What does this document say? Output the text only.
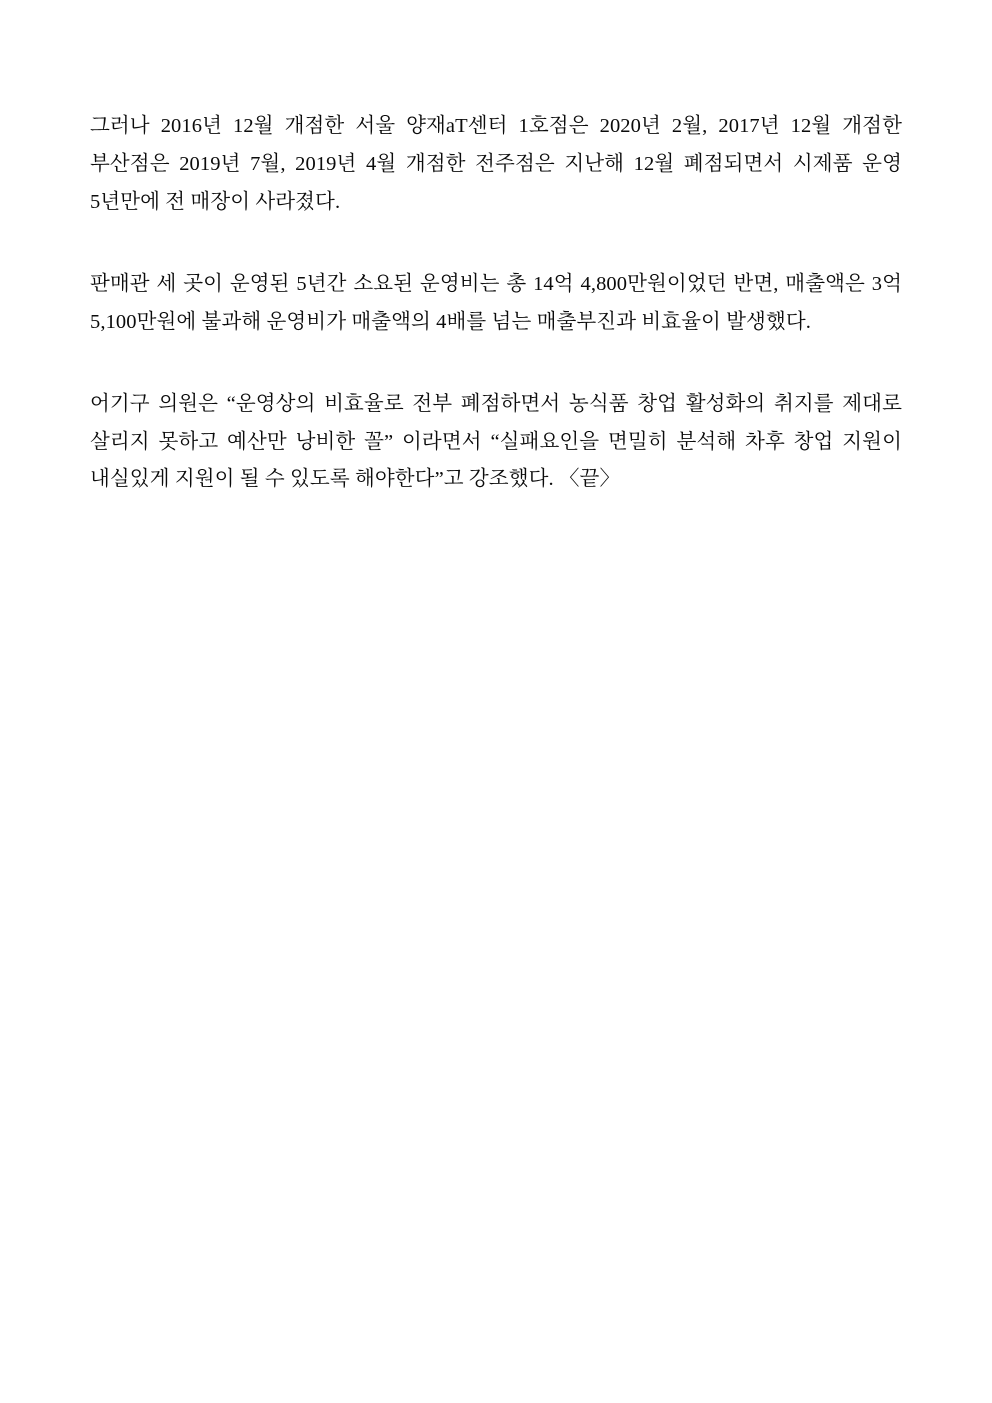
그러나 2016년 12월 개점한 서울 양재aT센터 1호점은 2020년 2월, 2017년 12월 개점한 부산점은 2019년 7월, 2019년 4월 개점한 전주점은 지난해 12월 폐점되면서 시제품 운영 5년만에 전 매장이 사라졌다.

판매관 세 곳이 운영된 5년간 소요된 운영비는 총 14억 4,800만원이었던 반면, 매출액은 3억 5,100만원에 불과해 운영비가 매출액의 4배를 넘는 매출부진과 비효율이 발생했다.

어기구 의원은 “운영상의 비효율로 전부 폐점하면서 농식품 창업 활성화의 취지를 제대로 살리지 못하고 예산만 낭비한 꼴” 이라면서 “실패요인을 면밀히 분석해 차후 창업 지원이 내실있게 지원이 될 수 있도록 해야한다”고 강조했다. 〈끝〉
